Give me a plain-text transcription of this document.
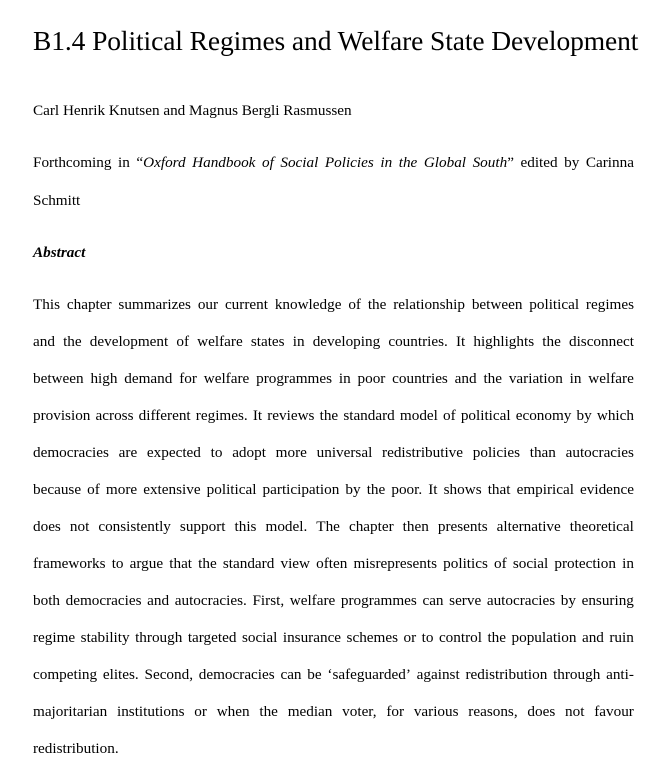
B1.4 Political Regimes and Welfare State Development
Carl Henrik Knutsen and Magnus Bergli Rasmussen
Forthcoming in “Oxford Handbook of Social Policies in the Global South” edited by Carinna
Schmitt
Abstract
This chapter summarizes our current knowledge of the relationship between political regimes
and the development of welfare states in developing countries. It highlights the disconnect
between high demand for welfare programmes in poor countries and the variation in welfare
provision across different regimes. It reviews the standard model of political economy by which
democracies are expected to adopt more universal redistributive policies than autocracies
because of more extensive political participation by the poor. It shows that empirical evidence
does not consistently support this model. The chapter then presents alternative theoretical
frameworks to argue that the standard view often misrepresents politics of social protection in
both democracies and autocracies. First, welfare programmes can serve autocracies by ensuring
regime stability through targeted social insurance schemes or to control the population and ruin
competing elites. Second, democracies can be ‘safeguarded’ against redistribution through anti-
majoritarian institutions or when the median voter, for various reasons, does not favour
redistribution.
